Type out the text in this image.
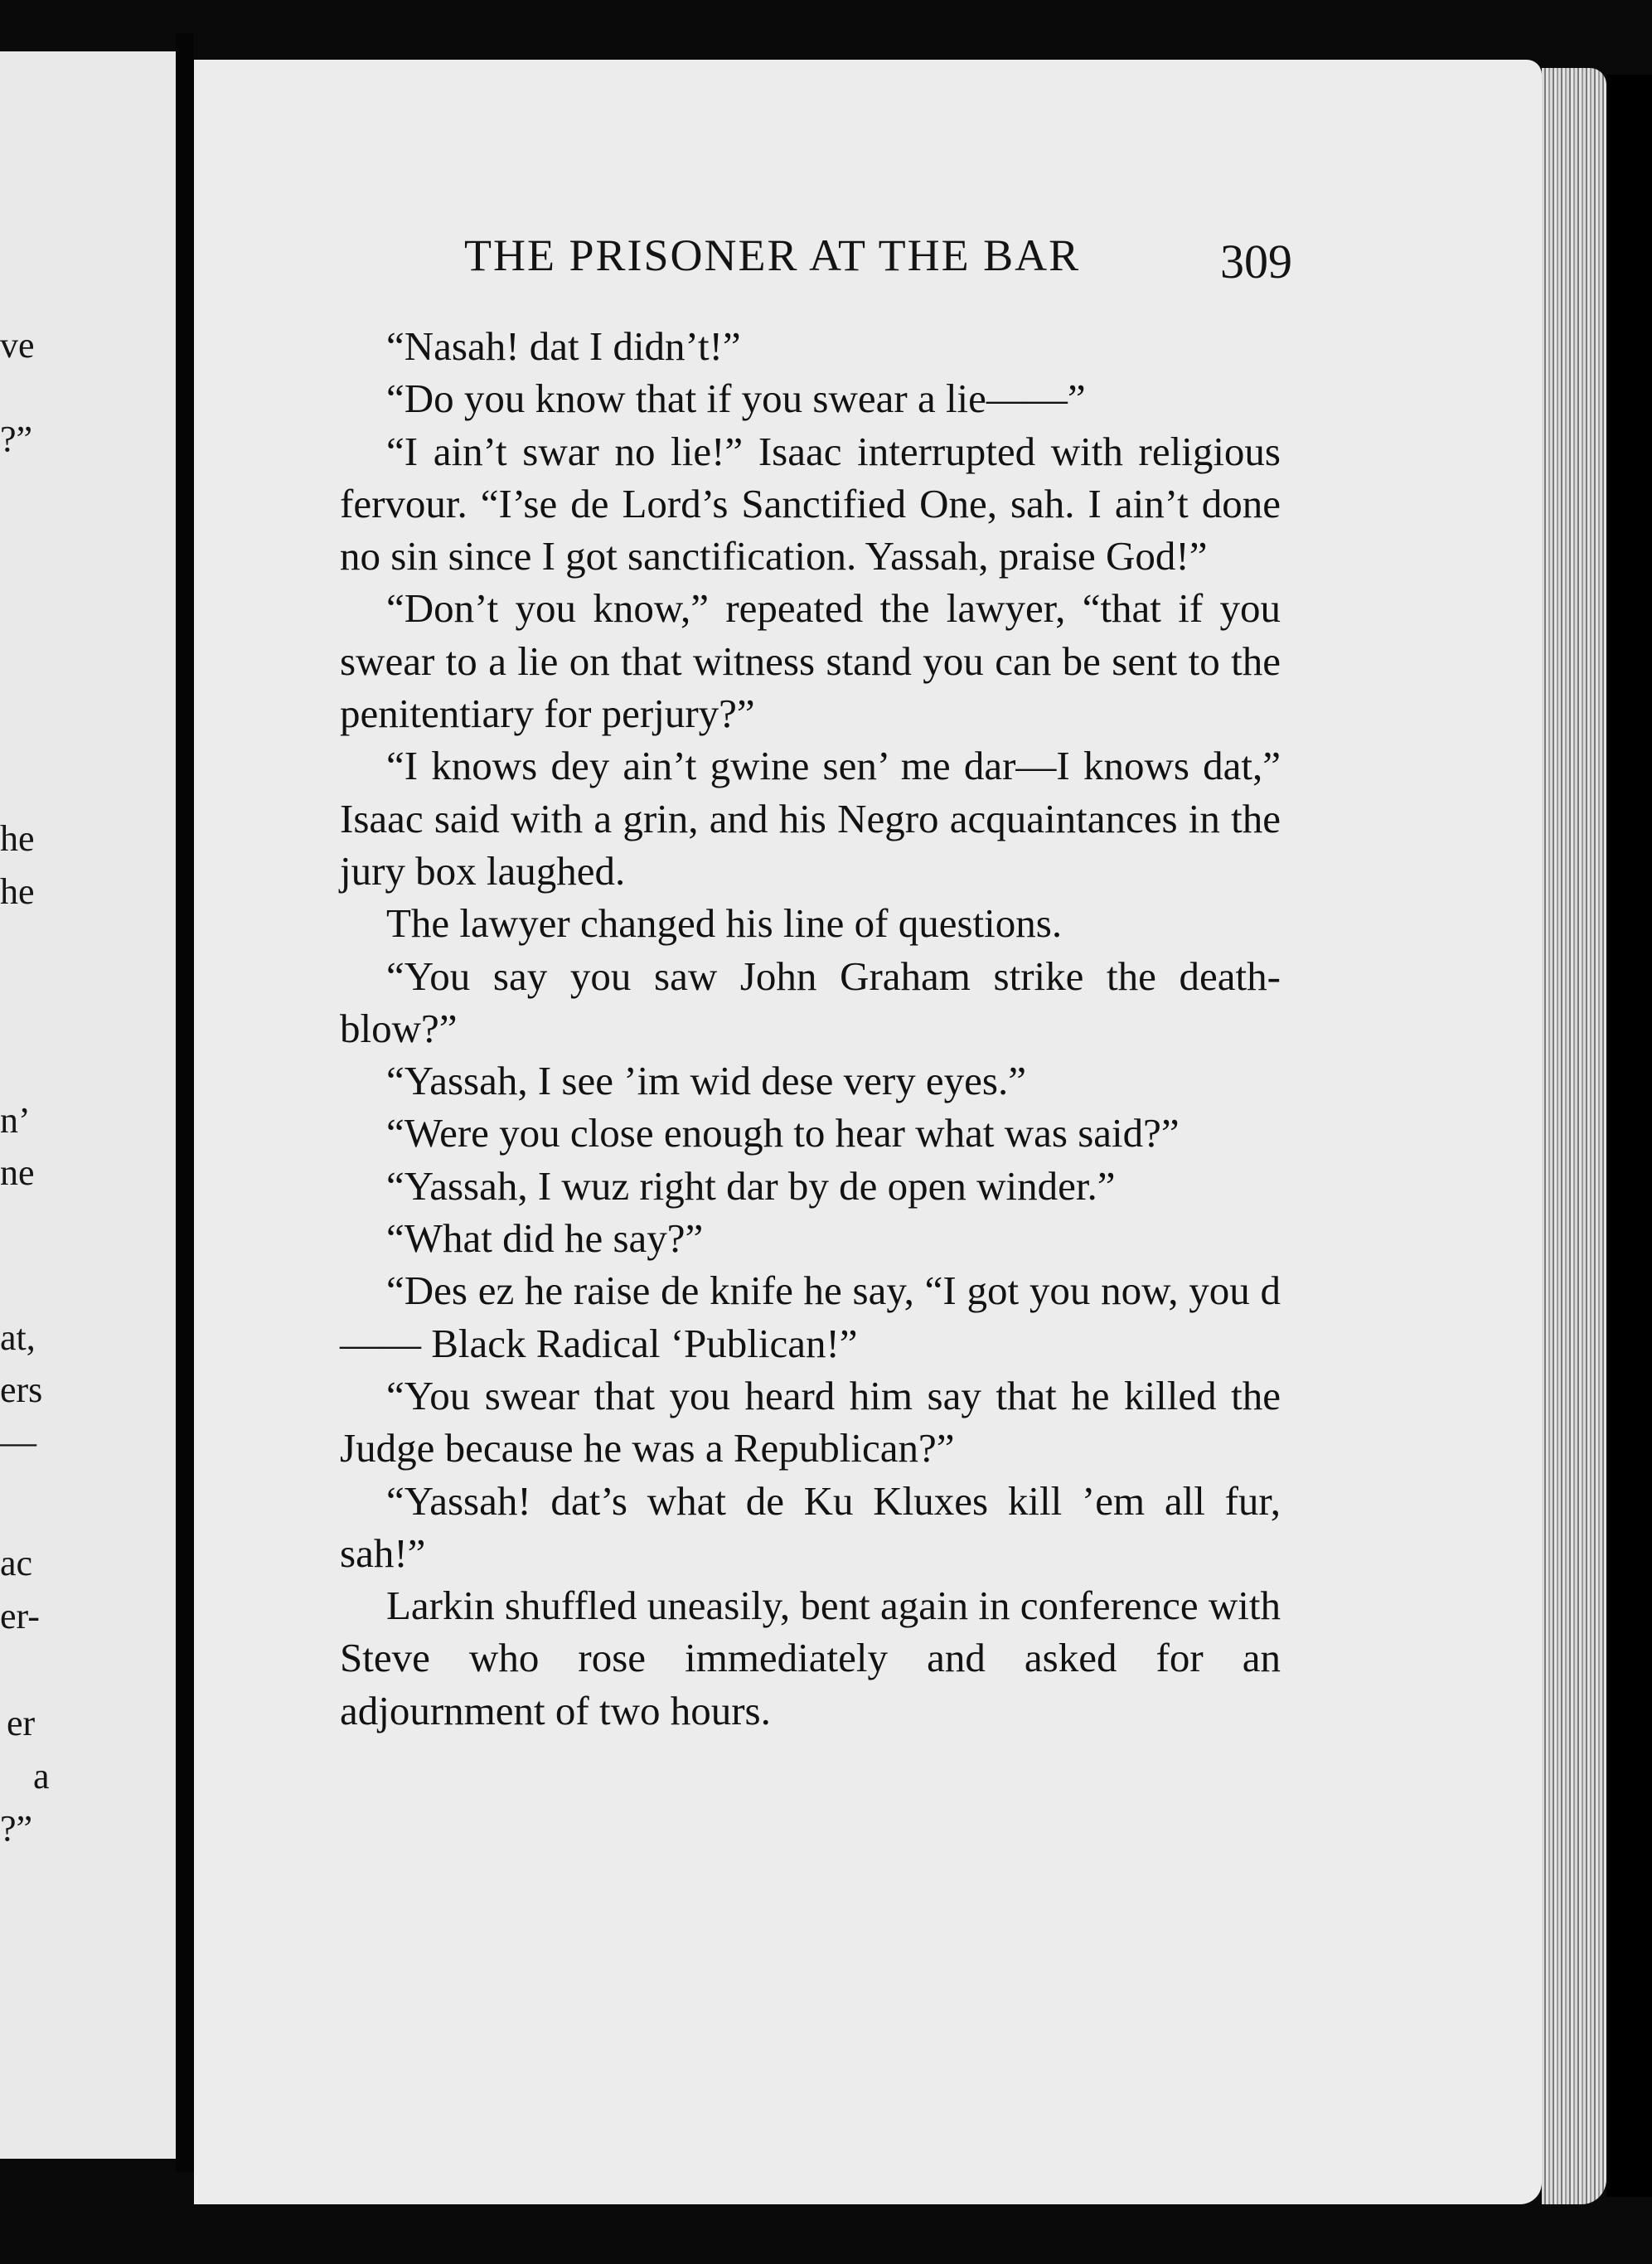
ve
?”
he
he
n’
ne
at,
ers
—
ac
er-
er
a
?”
THE PRISONER AT THE BAR	309

“Nasah! dat I didn’t!”

“Do you know that if you swear a lie——”

“I ain’t swar no lie!” Isaac interrupted with religious fervour. “I’se de Lord’s Sanctified One, sah. I ain’t done no sin since I got sanctification. Yassah, praise God!”

“Don’t you know,” repeated the lawyer, “that if you swear to a lie on that witness stand you can be sent to the penitentiary for perjury?”

“I knows dey ain’t gwine sen’ me dar—I knows dat,” Isaac said with a grin, and his Negro acquaintances in the jury box laughed.

The lawyer changed his line of questions.

“You say you saw John Graham strike the death-blow?”

“Yassah, I see ’im wid dese very eyes.”

“Were you close enough to hear what was said?”

“Yassah, I wuz right dar by de open winder.”

“What did he say?”

“Des ez he raise de knife he say, “I got you now, you d—— Black Radical ‘Publican!”

“You swear that you heard him say that he killed the Judge because he was a Republican?”

“Yassah! dat’s what de Ku Kluxes kill ’em all fur, sah!”

Larkin shuffled uneasily, bent again in conference with Steve who rose immediately and asked for an adjournment of two hours.
